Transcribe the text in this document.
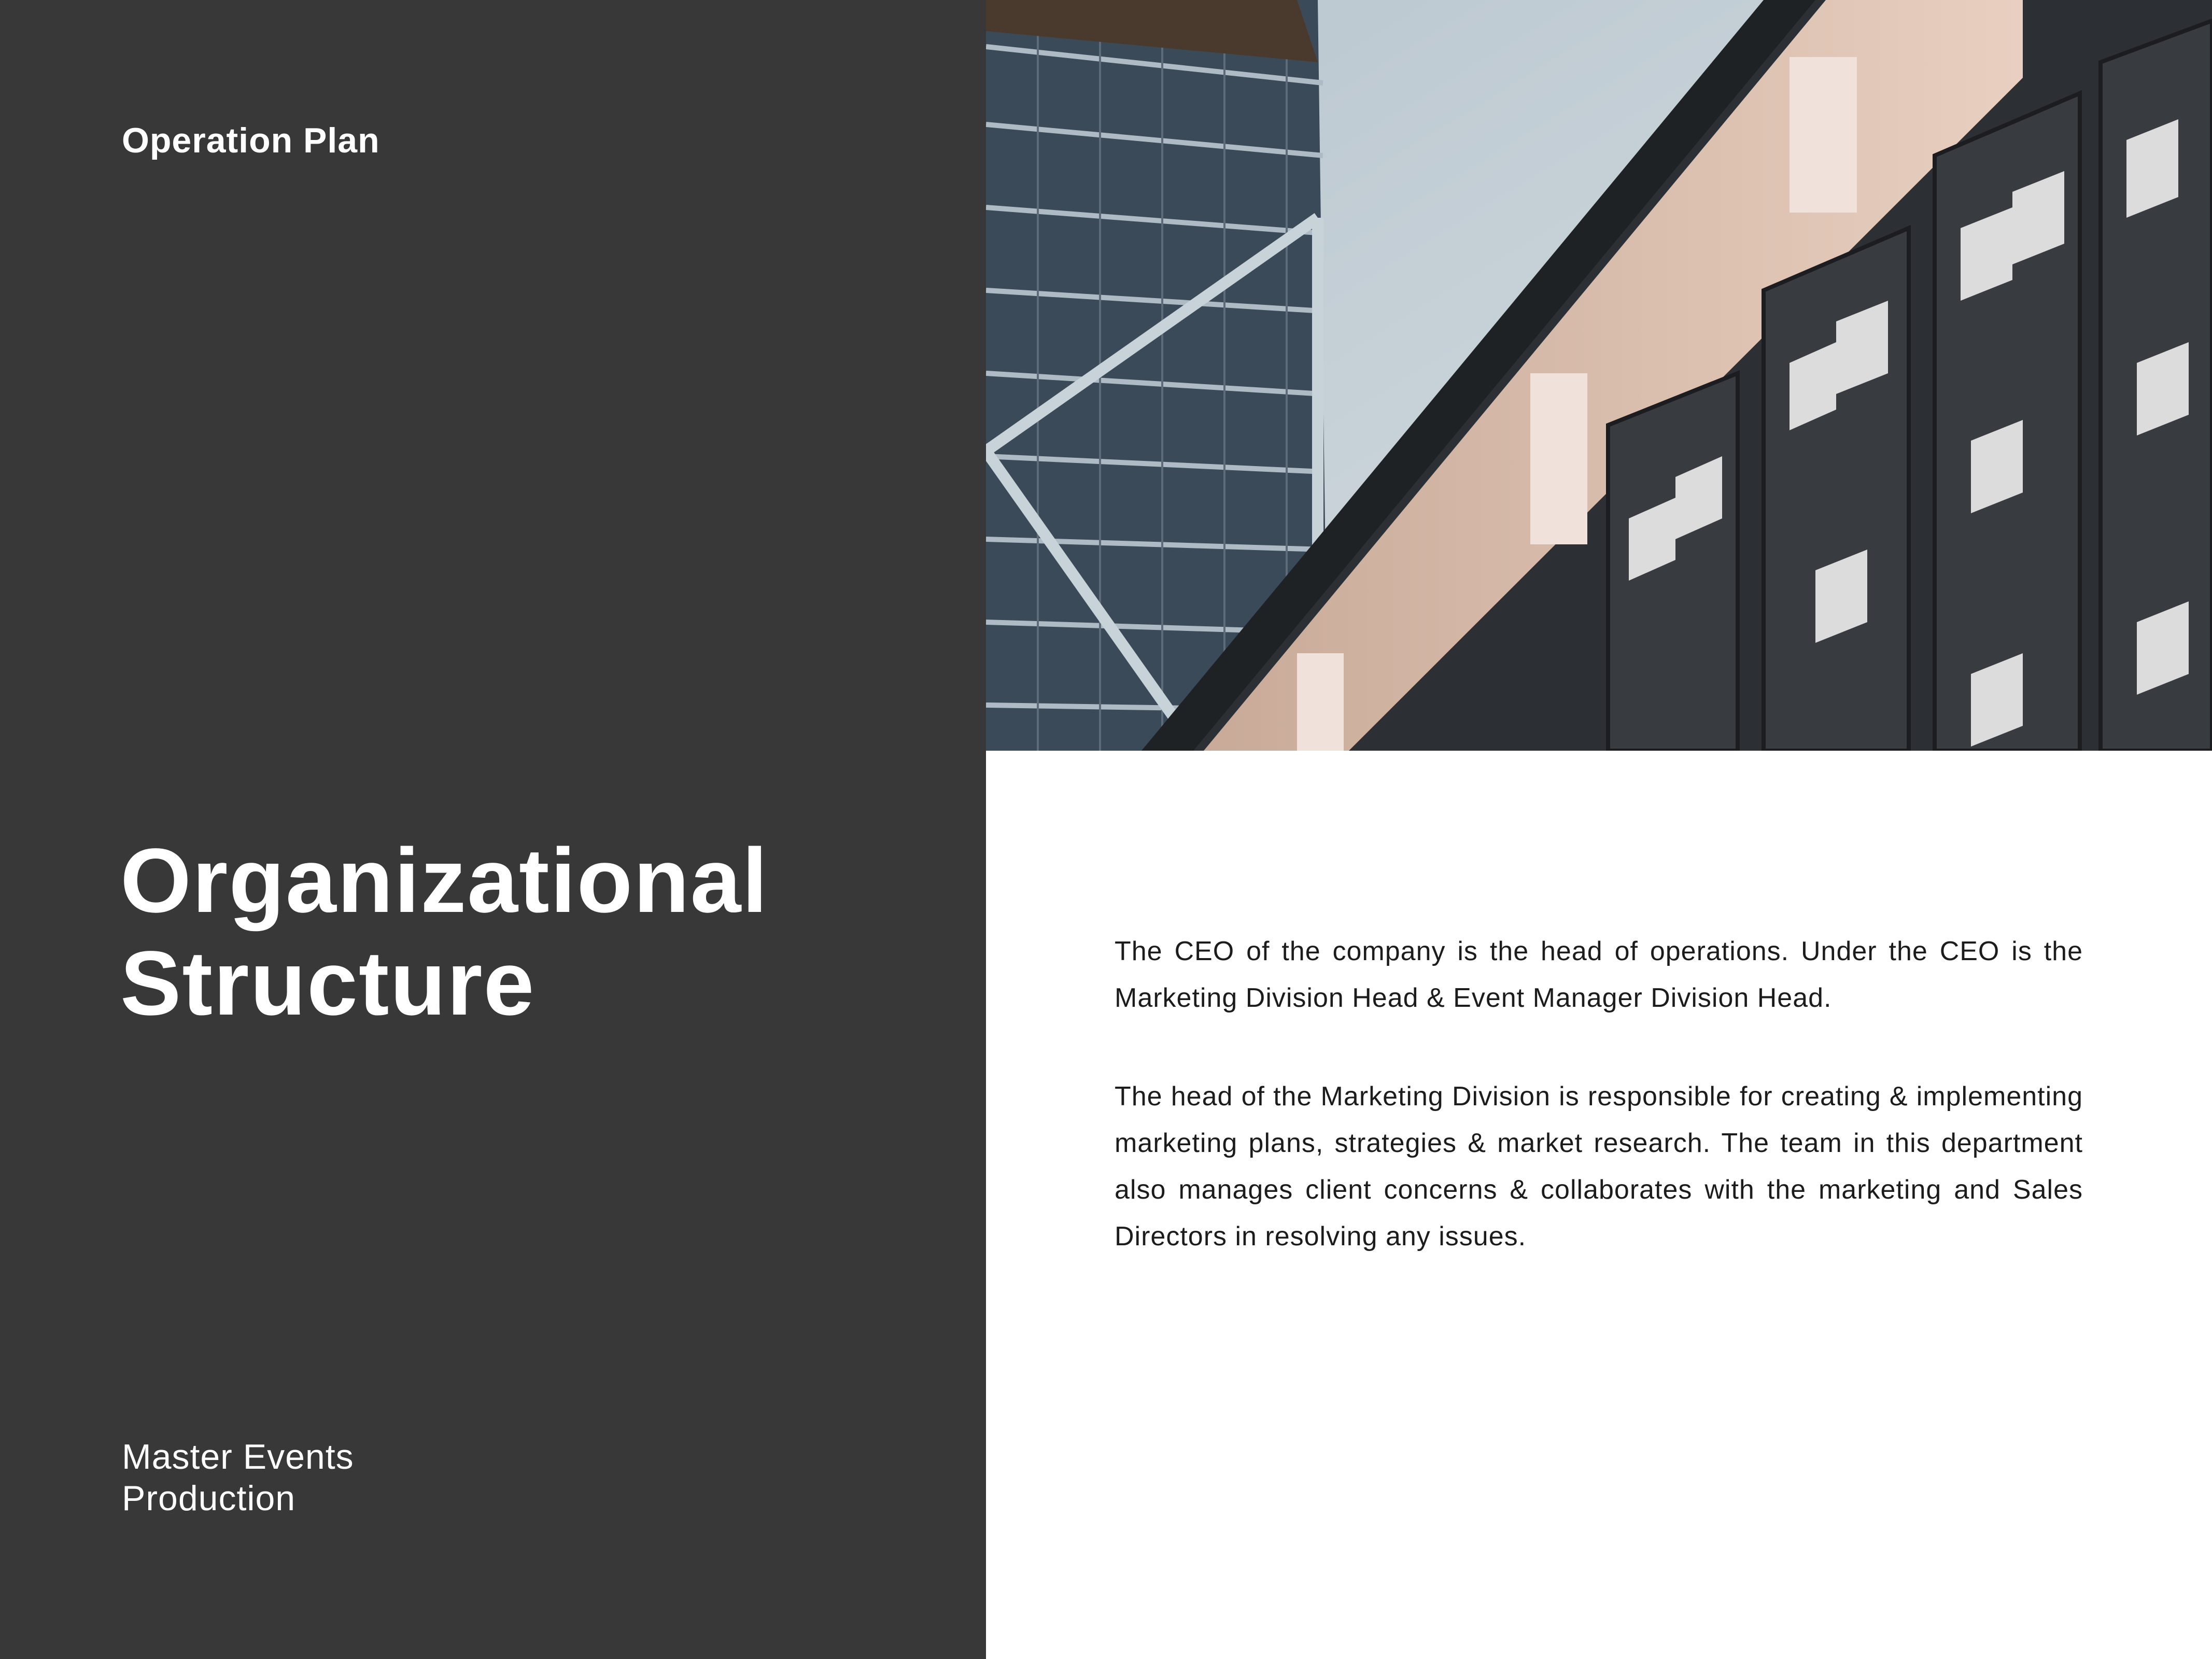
Operation Plan
Organizational
Structure
Master Events
Production

The CEO of the company is the head of operations. Under the CEO is the Marketing Division Head & Event Manager Division Head.

The head of the Marketing Division is responsible for creating & implementing marketing plans, strategies & market research. The team in this department also manages client concerns & collaborates with the marketing and Sales Directors in resolving any issues.
